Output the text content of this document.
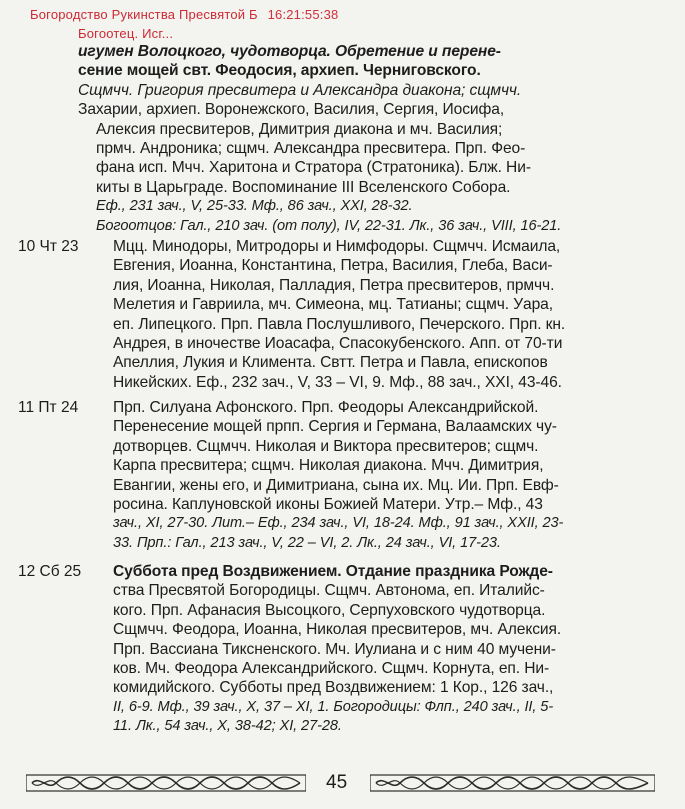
Богородство Рукинства Пресвятой Б 16:21:55:38
Богоотец. Исг...
игумен Волоцкого, чудотворца. Обретение и перене-
сение мощей свт. Феодосия, архиеп. Черниговского.
Сщмчч. Григория пресвитера и Александра диакона; сщмчч.
Захарии, архиеп. Воронежского, Василия, Сергия, Иосифа,
Алексия пресвитеров, Димитрия диакона и мч. Василия;
прмч. Андроника; сщмч. Александра пресвитера. Прп. Фео-
фана исп. Мчч. Харитона и Стратора (Стратоника). Блж. Ни-
киты в Царьграде. Воспоминание III Вселенского Собора.
Еф., 231 зач., V, 25-33. Мф., 86 зач., XXI, 28-32.
Богоотцов: Гал., 210 зач. (от полу), IV, 22-31. Лк., 36 зач., VIII, 16-21.
10 Чт 23	Мцц. Минодоры, Митродоры и Нимфодоры. Сщмчч. Исмаила,
Евгения, Иоанна, Константина, Петра, Василия, Глеба, Васи-
лия, Иоанна, Николая, Палладия, Петра пресвитеров, прмчч.
Мелетия и Гавриила, мч. Симеона, мц. Татианы; сщмч. Уара,
еп. Липецкого. Прп. Павла Послушливого, Печерского. Прп. кн.
Андрея, в иночестве Иоасафа, Спасокубенского. Апп. от 70-ти
Апеллия, Лукия и Климента. Свтт. Петра и Павла, епископов
Никейских. Еф., 232 зач., V, 33 – VI, 9. Мф., 88 зач., XXI, 43-46.
11 Пт 24	Прп. Силуана Афонского. Прп. Феодоры Александрийской.
Перенесение мощей прпп. Сергия и Германа, Валаамских чу-
дотворцев. Сщмчч. Николая и Виктора пресвитеров; сщмч.
Карпа пресвитера; сщмч. Николая диакона. Мчч. Димитрия,
Евангии, жены его, и Димитриана, сына их. Мц. Ии. Прп. Евф-
росина. Каплуновской иконы Божией Матери. Утр.– Мф., 43
зач., XI, 27-30. Лит.– Еф., 234 зач., VI, 18-24. Мф., 91 зач., XXII, 23-
33. Прп.: Гал., 213 зач., V, 22 – VI, 2. Лк., 24 зач., VI, 17-23.
12 Сб 25	Суббота пред Воздвижением. Отдание праздника Рожде-
ства Пресвятой Богородицы. Сщмч. Автонома, еп. Италийс-
кого. Прп. Афанасия Высоцкого, Серпуховского чудотворца.
Сщмчч. Феодора, Иоанна, Николая пресвитеров, мч. Алексия.
Прп. Вассиана Тиксненского. Мч. Иулиана и с ним 40 мучени-
ков. Мч. Феодора Александрийского. Сщмч. Корнута, еп. Ни-
комидийского. Субботы пред Воздвижением: 1 Кор., 126 зач.,
II, 6-9. Мф., 39 зач., X, 37 – XI, 1. Богородицы: Флп., 240 зач., II, 5-
11. Лк., 54 зач., X, 38-42; XI, 27-28.
45
